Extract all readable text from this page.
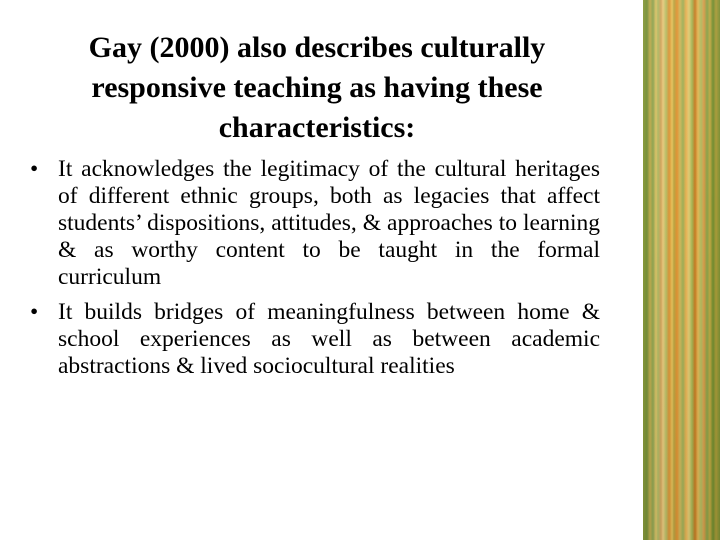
Gay (2000) also describes culturally responsive teaching as having these characteristics:
• It acknowledges the legitimacy of the cultural heritages of different ethnic groups, both as legacies that affect students’ dispositions, attitudes, & approaches to learning & as worthy content to be taught in the formal curriculum
• It builds bridges of meaningfulness between home & school experiences as well as between academic abstractions & lived sociocultural realities
